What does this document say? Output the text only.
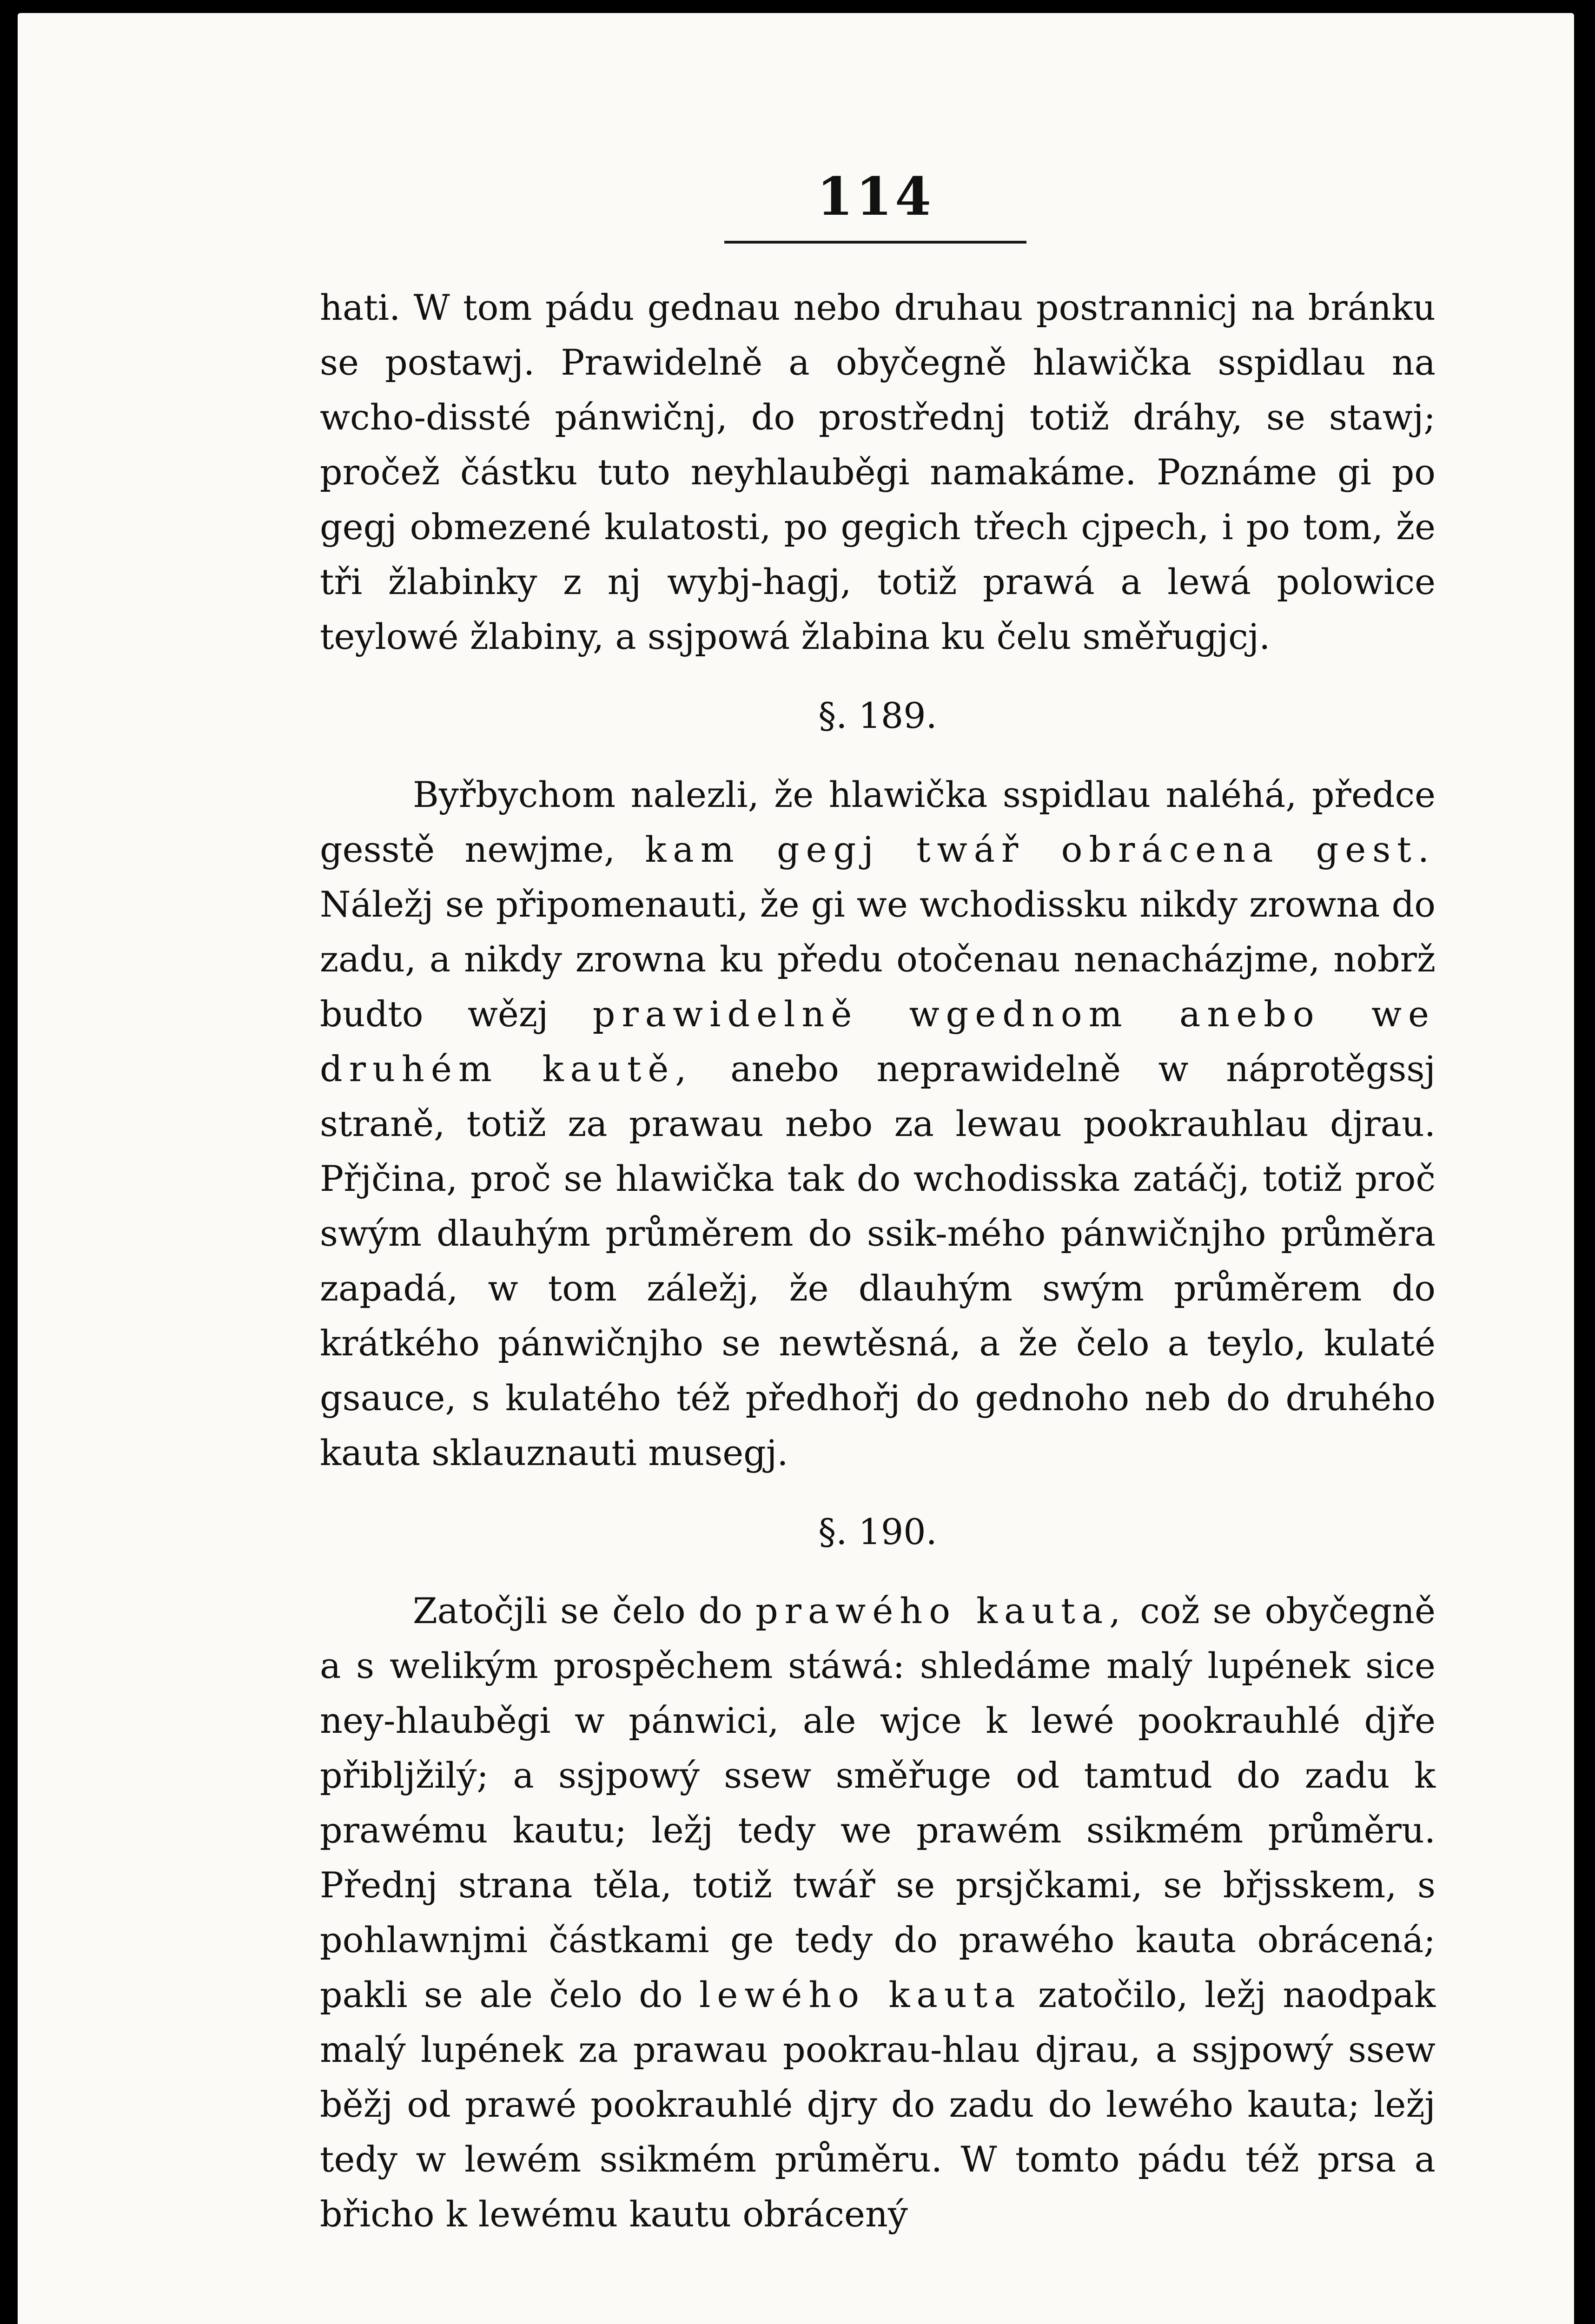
114

hati. W tom pádu gednau nebo druhau postrannicj na bránku se postawj. Prawidelně a obyčegně hlawička sspidlau na wcho-dissté pánwičnj, do prostřednj totiž dráhy, se stawj; pročež částku tuto neyhlauběgi namakáme. Poznáme gi po gegj obmezené kulatosti, po gegich třech cjpech, i po tom, že tři žlabinky z nj wybj-hagj, totiž prawá a lewá polowice teylowé žlabiny, a ssjpowá žlabina ku čelu směřugjcj.

§. 189.

Byřbychom nalezli, že hlawička sspidlau naléhá, předce gesstě newjme, kam gegj twář obrácena gest. Náležj se připomenauti, že gi we wchodissku nikdy zrowna do zadu, a nikdy zrowna ku předu otočenau nenacházjme, nobrž budto wězj prawidelně wgednom anebo we druhém kautě, anebo neprawidelně w náprotěgssj straně, totiž za prawau nebo za lewau pookrauhlau djrau. Přjčina, proč se hlawička tak do wchodisska zatáčj, totiž proč swým dlauhým průměrem do ssik-mého pánwičnjho průměra zapadá, w tom záležj, že dlauhým swým průměrem do krátkého pánwičnjho se newtěsná, a že čelo a teylo, kulaté gsauce, s kulatého též předhořj do gednoho neb do druhého kauta sklauznauti musegj.

§. 190.

Zatočjli se čelo do prawého kauta, což se obyčegně a s welikým prospěchem stáwá: shledáme malý lupének sice ney-hlauběgi w pánwici, ale wjce k lewé pookrauhlé djře přibljžilý; a ssjpowý ssew směřuge od tamtud do zadu k prawému kautu; ležj tedy we prawém ssikmém průměru. Přednj strana těla, totiž twář se prsjčkami, se břjsskem, s pohlawnjmi částkami ge tedy do prawého kauta obrácená; pakli se ale čelo do lewého kauta zatočilo, ležj naodpak malý lupének za prawau pookrau-hlau djrau, a ssjpowý ssew běžj od prawé pookrauhlé djry do zadu do lewého kauta; ležj tedy w lewém ssikmém průměru. W tomto pádu též prsa a břicho k lewému kautu obrácený
